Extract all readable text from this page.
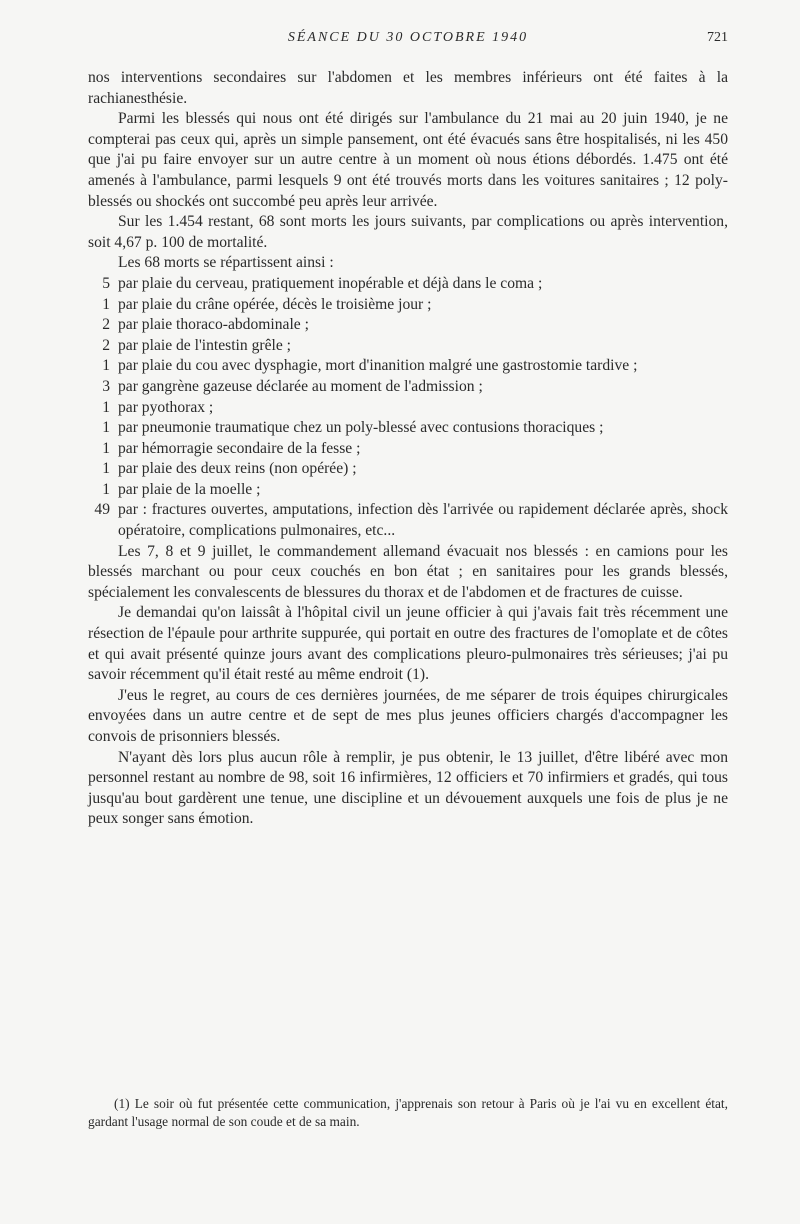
SÉANCE DU 30 OCTOBRE 1940	721

nos interventions secondaires sur l'abdomen et les membres inférieurs ont été faites à la rachianesthésie.

Parmi les blessés qui nous ont été dirigés sur l'ambulance du 21 mai au 20 juin 1940, je ne compterai pas ceux qui, après un simple pansement, ont été évacués sans être hospitalisés, ni les 450 que j'ai pu faire envoyer sur un autre centre à un moment où nous étions débordés. 1.475 ont été amenés à l'ambulance, parmi lesquels 9 ont été trouvés morts dans les voitures sanitaires ; 12 poly-blessés ou shockés ont succombé peu après leur arrivée.

Sur les 1.454 restant, 68 sont morts les jours suivants, par complications ou après intervention, soit 4,67 p. 100 de mortalité.

Les 68 morts se répartissent ainsi :

5 par plaie du cerveau, pratiquement inopérable et déjà dans le coma ;
1 par plaie du crâne opérée, décès le troisième jour ;
2 par plaie thoraco-abdominale ;
2 par plaie de l'intestin grêle ;
1 par plaie du cou avec dysphagie, mort d'inanition malgré une gastrostomie tardive ;
3 par gangrène gazeuse déclarée au moment de l'admission ;
1 par pyothorax ;
1 par pneumonie traumatique chez un poly-blessé avec contusions thoraciques ;
1 par hémorragie secondaire de la fesse ;
1 par plaie des deux reins (non opérée) ;
1 par plaie de la moelle ;
49 par : fractures ouvertes, amputations, infection dès l'arrivée ou rapidement déclarée après, shock opératoire, complications pulmonaires, etc...

Les 7, 8 et 9 juillet, le commandement allemand évacuait nos blessés : en camions pour les blessés marchant ou pour ceux couchés en bon état ; en sanitaires pour les grands blessés, spécialement les convalescents de blessures du thorax et de l'abdomen et de fractures de cuisse.

Je demandai qu'on laissât à l'hôpital civil un jeune officier à qui j'avais fait très récemment une résection de l'épaule pour arthrite suppurée, qui portait en outre des fractures de l'omoplate et de côtes et qui avait présenté quinze jours avant des complications pleuro-pulmonaires très sérieuses; j'ai pu savoir récemment qu'il était resté au même endroit (1).

J'eus le regret, au cours de ces dernières journées, de me séparer de trois équipes chirurgicales envoyées dans un autre centre et de sept de mes plus jeunes officiers chargés d'accompagner les convois de prisonniers blessés.

N'ayant dès lors plus aucun rôle à remplir, je pus obtenir, le 13 juillet, d'être libéré avec mon personnel restant au nombre de 98, soit 16 infirmières, 12 officiers et 70 infirmiers et gradés, qui tous jusqu'au bout gardèrent une tenue, une discipline et un dévouement auxquels une fois de plus je ne peux songer sans émotion.

(1) Le soir où fut présentée cette communication, j'apprenais son retour à Paris où je l'ai vu en excellent état, gardant l'usage normal de son coude et de sa main.
